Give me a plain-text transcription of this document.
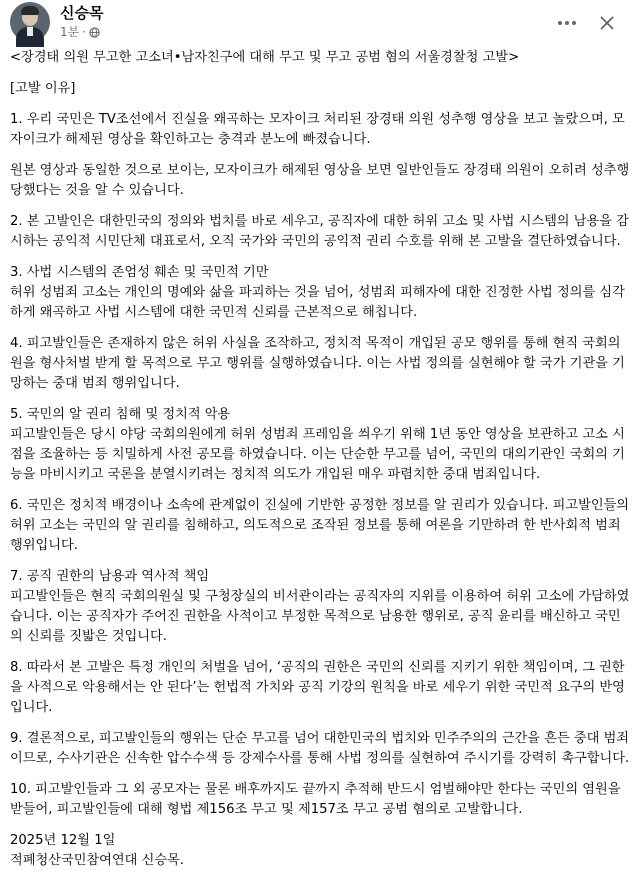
신승목
1분 ·

<장경태 의원 무고한 고소녀•남자친구에 대해 무고 및 무고 공범 혐의 서울경찰청 고발>

[고발 이유]

1. 우리 국민은 TV조선에서 진실을 왜곡하는 모자이크 처리된 장경태 의원 성추행 영상을 보고 놀랐으며, 모자이크가 해제된 영상을 확인하고는 충격과 분노에 빠졌습니다.

원본 영상과 동일한 것으로 보이는, 모자이크가 해제된 영상을 보면 일반인들도 장경태 의원이 오히려 성추행 당했다는 것을 알 수 있습니다.

2. 본 고발인은 대한민국의 정의와 법치를 바로 세우고, 공직자에 대한 허위 고소 및 사법 시스템의 남용을 감시하는 공익적 시민단체 대표로서, 오직 국가와 국민의 공익적 권리 수호를 위해 본 고발을 결단하였습니다.

3. 사법 시스템의 존엄성 훼손 및 국민적 기만

허위 성범죄 고소는 개인의 명예와 삶을 파괴하는 것을 넘어, 성범죄 피해자에 대한 진정한 사법 정의를 심각하게 왜곡하고 사법 시스템에 대한 국민적 신뢰를 근본적으로 해칩니다.

4. 피고발인들은 존재하지 않은 허위 사실을 조작하고, 정치적 목적이 개입된 공모 행위를 통해 현직 국회의원을 형사처벌 받게 할 목적으로 무고 행위를 실행하였습니다. 이는 사법 정의를 실현해야 할 국가 기관을 기망하는 중대 범죄 행위입니다.

5. 국민의 알 권리 침해 및 정치적 악용

피고발인들은 당시 야당 국회의원에게 허위 성범죄 프레임을 씌우기 위해 1년 동안 영상을 보관하고 고소 시점을 조율하는 등 치밀하게 사전 공모를 하였습니다. 이는 단순한 무고를 넘어, 국민의 대의기관인 국회의 기능을 마비시키고 국론을 분열시키려는 정치적 의도가 개입된 매우 파렴치한 중대 범죄입니다.

6. 국민은 정치적 배경이나 소속에 관계없이 진실에 기반한 공정한 정보를 알 권리가 있습니다. 피고발인들의 허위 고소는 국민의 알 권리를 침해하고, 의도적으로 조작된 정보를 통해 여론을 기만하려 한 반사회적 범죄 행위입니다.

7. 공직 권한의 남용과 역사적 책임

피고발인들은 현직 국회의원실 및 구청장실의 비서관이라는 공직자의 지위를 이용하여 허위 고소에 가담하였습니다. 이는 공직자가 주어진 권한을 사적이고 부정한 목적으로 남용한 행위로, 공직 윤리를 배신하고 국민의 신뢰를 짓밟은 것입니다.

8. 따라서 본 고발은 특정 개인의 처벌을 넘어, ‘공직의 권한은 국민의 신뢰를 지키기 위한 책임이며, 그 권한을 사적으로 악용해서는 안 된다’는 헌법적 가치와 공직 기강의 원칙을 바로 세우기 위한 국민적 요구의 반영입니다.

9. 결론적으로, 피고발인들의 행위는 단순 무고를 넘어 대한민국의 법치와 민주주의의 근간을 흔든 중대 범죄이므로, 수사기관은 신속한 압수수색 등 강제수사를 통해 사법 정의를 실현하여 주시기를 강력히 촉구합니다.

10. 피고발인들과 그 외 공모자는 물론 배후까지도 끝까지 추적해 반드시 엄벌해야만 한다는 국민의 염원을 받들어, 피고발인들에 대해 형법 제156조 무고 및 제157조 무고 공범 혐의로 고발합니다.

2025년 12월 1일

적폐청산국민참여연대 신승목.
